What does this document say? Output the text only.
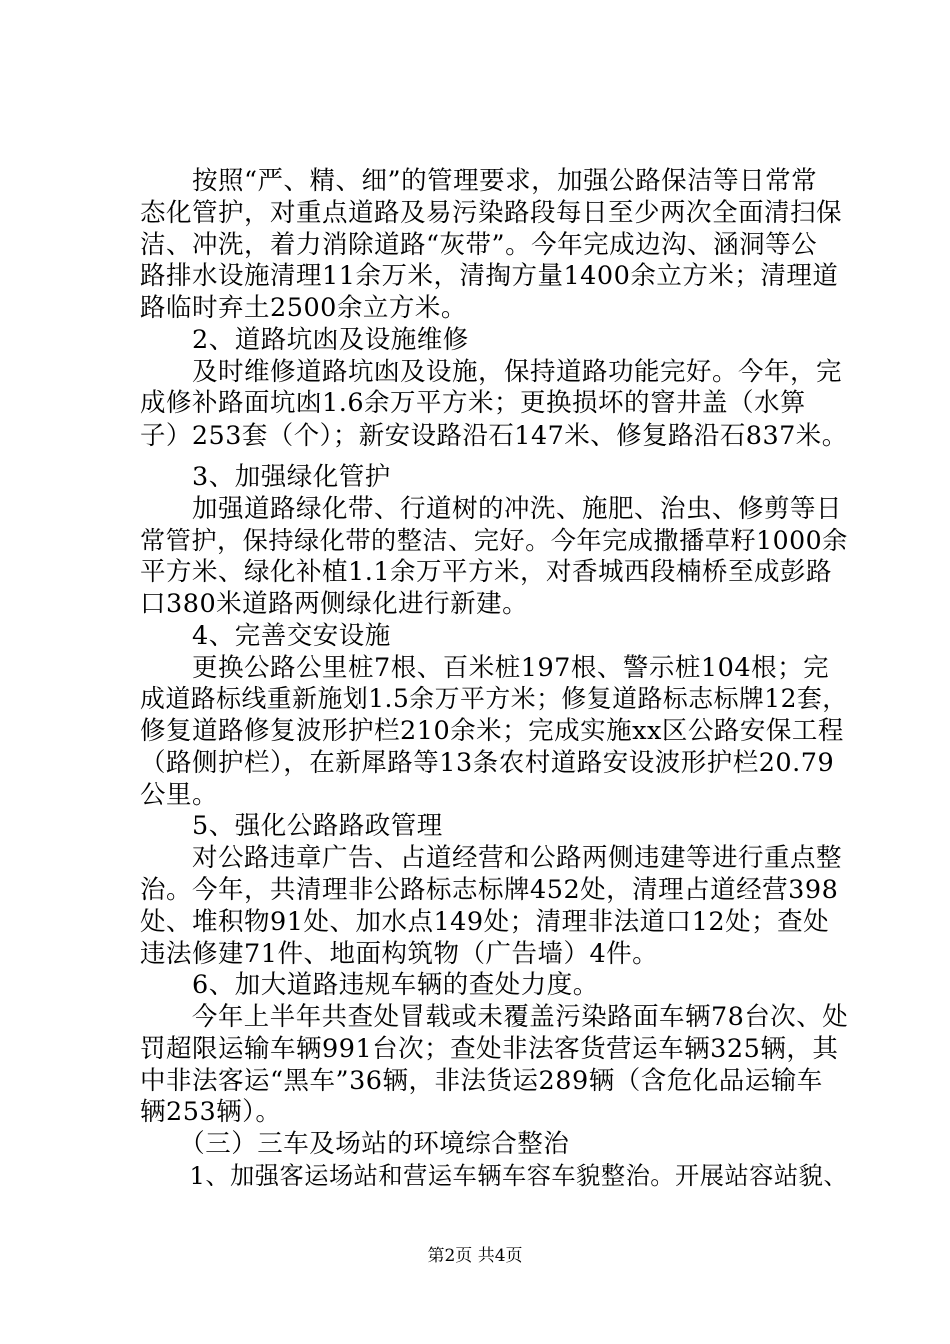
　　按照“严、精、细”的管理要求，加强公路保洁等日常常
态化管护，对重点道路及易污染路段每日至少两次全面清扫保
洁、冲洗，着力消除道路“灰带”。今年完成边沟、涵洞等公
路排水设施清理11余万米，清掏方量1400余立方米；清理道
路临时弃土2500余立方米。
　　2、道路坑凼及设施维修
　　及时维修道路坑凼及设施，保持道路功能完好。今年，完
成修补路面坑凼1.6余万平方米；更换损坏的窨井盖（水箅
子）253套（个）；新安设路沿石147米、修复路沿石837米。
　　3、加强绿化管护
　　加强道路绿化带、行道树的冲洗、施肥、治虫、修剪等日
常管护，保持绿化带的整洁、完好。今年完成撒播草籽1000余
平方米、绿化补植1.1余万平方米，对香城西段楠桥至成彭路
口380米道路两侧绿化进行新建。
　　4、完善交安设施
　　更换公路公里桩7根、百米桩197根、警示桩104根；完
成道路标线重新施划1.5余万平方米；修复道路标志标牌12套，
修复道路修复波形护栏210余米；完成实施xx区公路安保工程
（路侧护栏），在新犀路等13条农村道路安设波形护栏20.79
公里。
　　5、强化公路路政管理
　　对公路违章广告、占道经营和公路两侧违建等进行重点整
治。今年，共清理非公路标志标牌452处，清理占道经营398
处、堆积物91处、加水点149处；清理非法道口12处；查处
违法修建71件、地面构筑物（广告墙）4件。
　　6、加大道路违规车辆的查处力度。
　　今年上半年共查处冒载或未覆盖污染路面车辆78台次、处
罚超限运输车辆991台次；查处非法客货营运车辆325辆，其
中非法客运“黑车”36辆，非法货运289辆（含危化品运输车
辆253辆）。
　　（三）三车及场站的环境综合整治
　　1、加强客运场站和营运车辆车容车貌整治。开展站容站貌、
第2页 共4页
